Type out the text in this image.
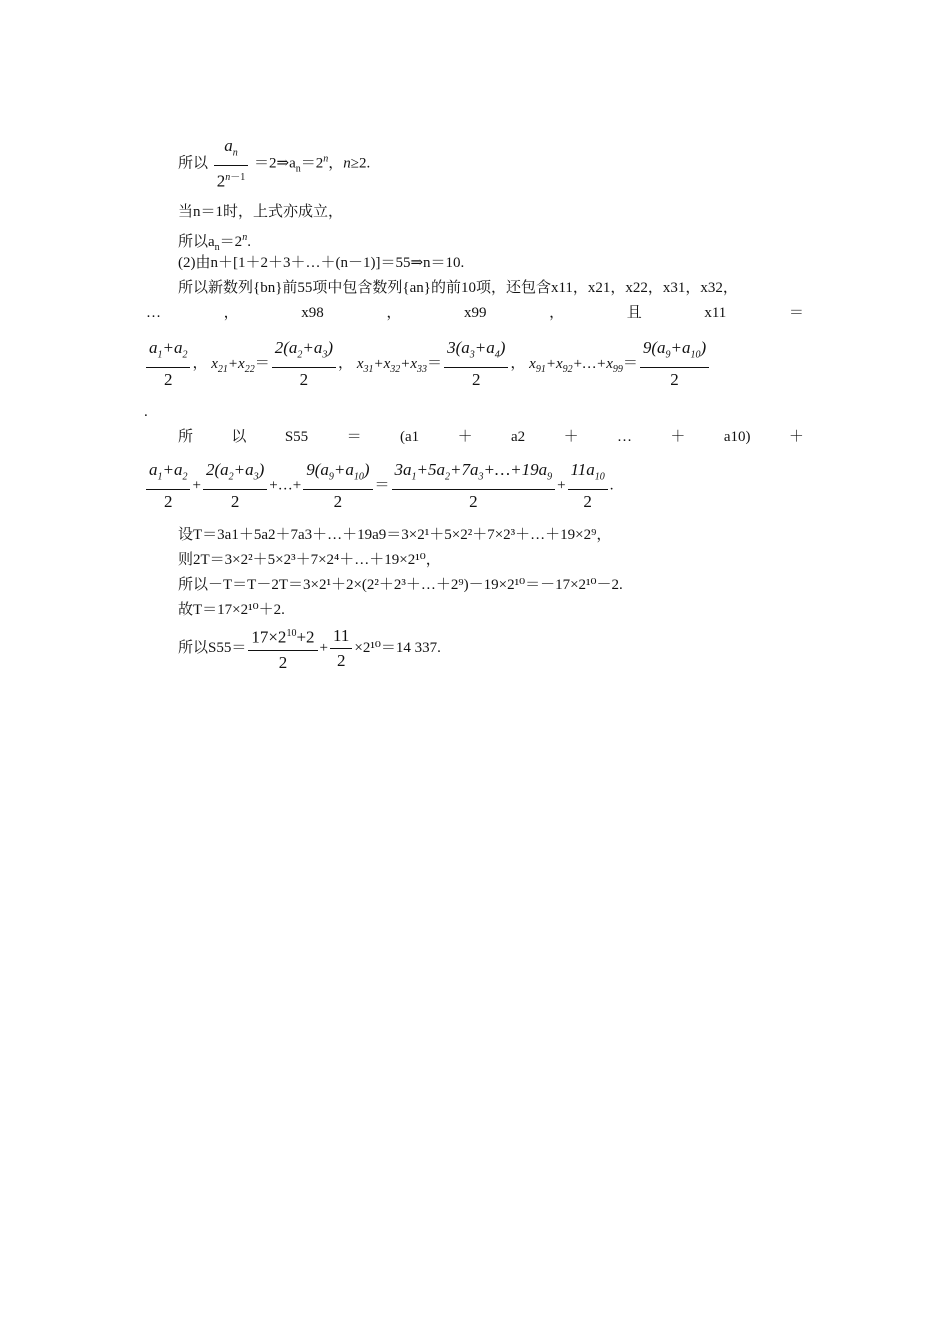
所以 $\frac{a_n}{2^{n-1}}$ $=2\Rightarrow a_n=2^n$，n≥2.
当n＝1时，上式亦成立，
所以$a_n=2^n$.
(2)由n＋[1＋2＋3＋…＋(n－1)]＝55⇒n＝10.
所以新数列{bn}前55项中包含数列{an}的前10项，还包含x11，x21，x22，x31，x32，
…	，	x98	，	x99	，	且	x11	＝
$\frac{a_1+a_2}{2}$ ， $x_{21}+x_{22}= \frac{2(a_2+a_3)}{2}$ ， $x_{31}+x_{32}+x_{33}= \frac{3(a_3+a_4)}{2}$ ， $x_{91}+x_{92}+\dots+x_{99}= \frac{9(a_9+a_{10})}{2}$
.
所	以	S55	＝	(a1	＋	a2	＋	…	＋	a10)	＋
$\frac{a_1+a_2}{2} + \frac{2(a_2+a_3)}{2}$ +…+ $\frac{9(a_9+a_{10})}{2} = \frac{3a_1+5a_2+7a_3+\dots+19a_9}{2} + \frac{11a_{10}}{2}$ .
设T＝3a1＋5a2＋7a3＋…＋19a9＝3×2¹＋5×2²＋7×2³＋…＋19×2⁹，
则2T＝3×2²＋5×2³＋7×2⁴＋…＋19×2¹⁰，
所以－T＝T－2T＝3×2¹＋2×(2²＋2³＋…＋2⁹)－19×2¹⁰＝－17×2¹⁰－2.
故T＝17×2¹⁰＋2.
所以$S55= \frac{17\times 2^{10}+2}{2} + \frac{11}{2} \times 2^{10}=14$ 337.
